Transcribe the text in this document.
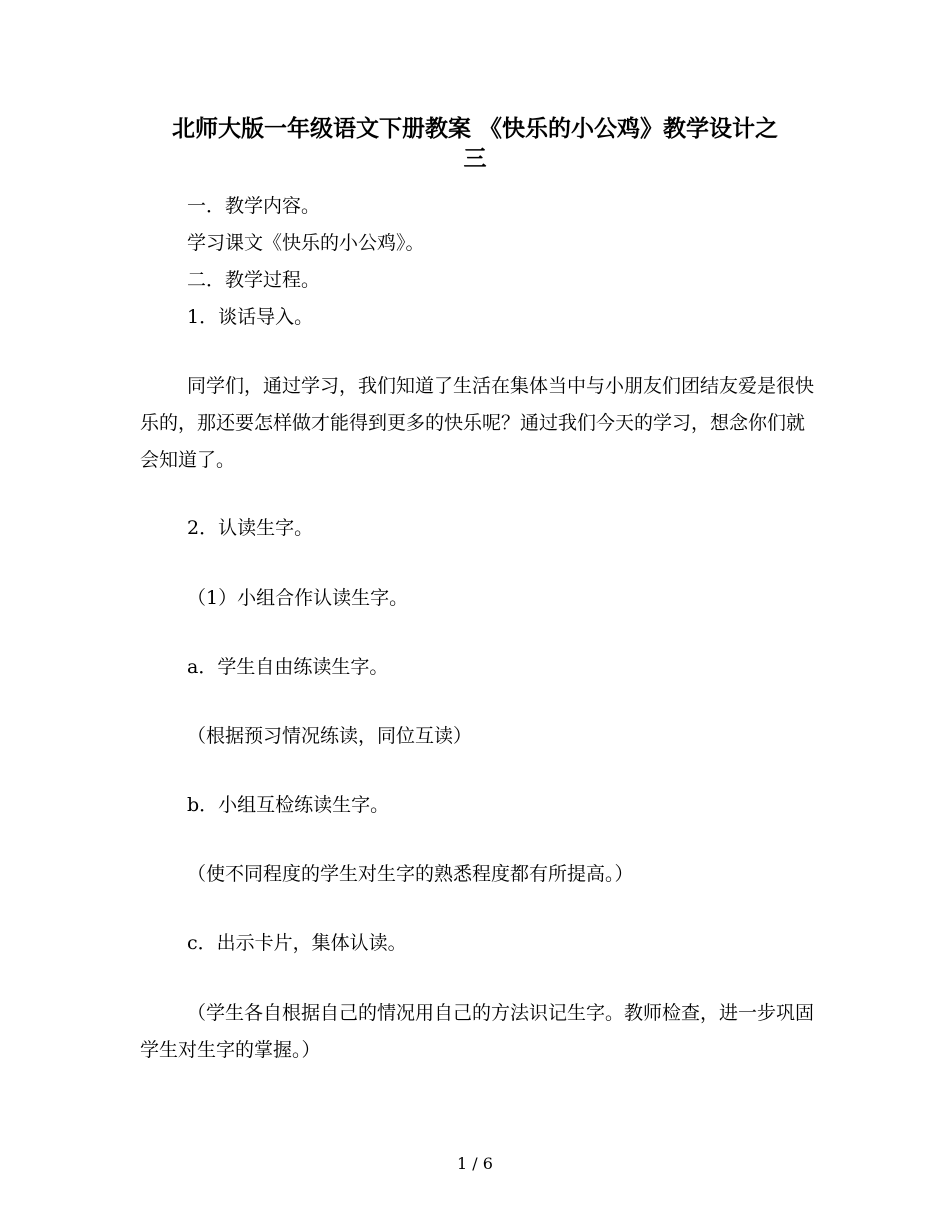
北师大版一年级语文下册教案 《快乐的小公鸡》教学设计之
三

一．教学内容。

学习课文《快乐的小公鸡》。

二．教学过程。

1．谈话导入。

同学们，通过学习，我们知道了生活在集体当中与小朋友们团结友爱是很快乐的，那还要怎样做才能得到更多的快乐呢？通过我们今天的学习，想念你们就会知道了。

2．认读生字。

（1）小组合作认读生字。

a．学生自由练读生字。

（根据预习情况练读，同位互读）

b．小组互检练读生字。

（使不同程度的学生对生字的熟悉程度都有所提高。）

c．出示卡片，集体认读。

（学生各自根据自己的情况用自己的方法识记生字。教师检查，进一步巩固学生对生字的掌握。）

1 / 6
